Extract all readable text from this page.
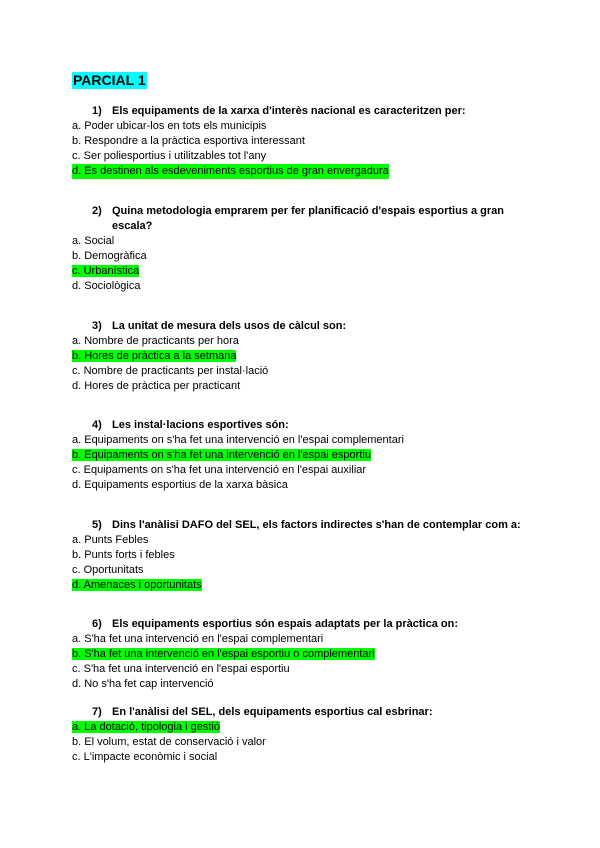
PARCIAL 1
1) Els equipaments de la xarxa d'interès nacional es caracteritzen per:
a. Poder ubicar-los en tots els municipis
b. Respondre a la pràctica esportiva interessant
c. Ser poliesportius i utilitzables tot l'any
d. Es destinen als esdeveniments esportius de gran envergadura
2) Quina metodologia emprarem per fer planificació d'espais esportius a gran escala?
a. Social
b. Demogràfica
c. Urbanística
d. Sociològica
3) La unitat de mesura dels usos de càlcul son:
a. Nombre de practicants per hora
b. Hores de pràctica a la setmana
c. Nombre de practicants per instal·lació
d. Hores de pràctica per practicant
4) Les instal·lacions esportives són:
a. Equipaments on s'ha fet una intervenció en l'espai complementari
b. Equipaments on s'ha fet una intervenció en l'espai esportiu
c. Equipaments on s'ha fet una intervenció en l'espai auxiliar
d. Equipaments esportius de la xarxa bàsica
5) Dins l'anàlisi DAFO del SEL, els factors indirectes s'han de contemplar com a:
a. Punts Febles
b. Punts forts i febles
c. Oportunitats
d. Amenaces i oportunitats
6) Els equipaments esportius són espais adaptats per la pràctica on:
a. S'ha fet una intervenció en l'espai complementari
b. S'ha fet una intervenció en l'espai esportiu o complementari
c. S'ha fet una intervenció en l'espai esportiu
d. No s'ha fet cap intervenció
7) En l'anàlisi del SEL, dels equipaments esportius cal esbrinar:
a. La dotació, tipologia i gestió
b. El volum, estat de conservació i valor
c. L'impacte econòmic i social
